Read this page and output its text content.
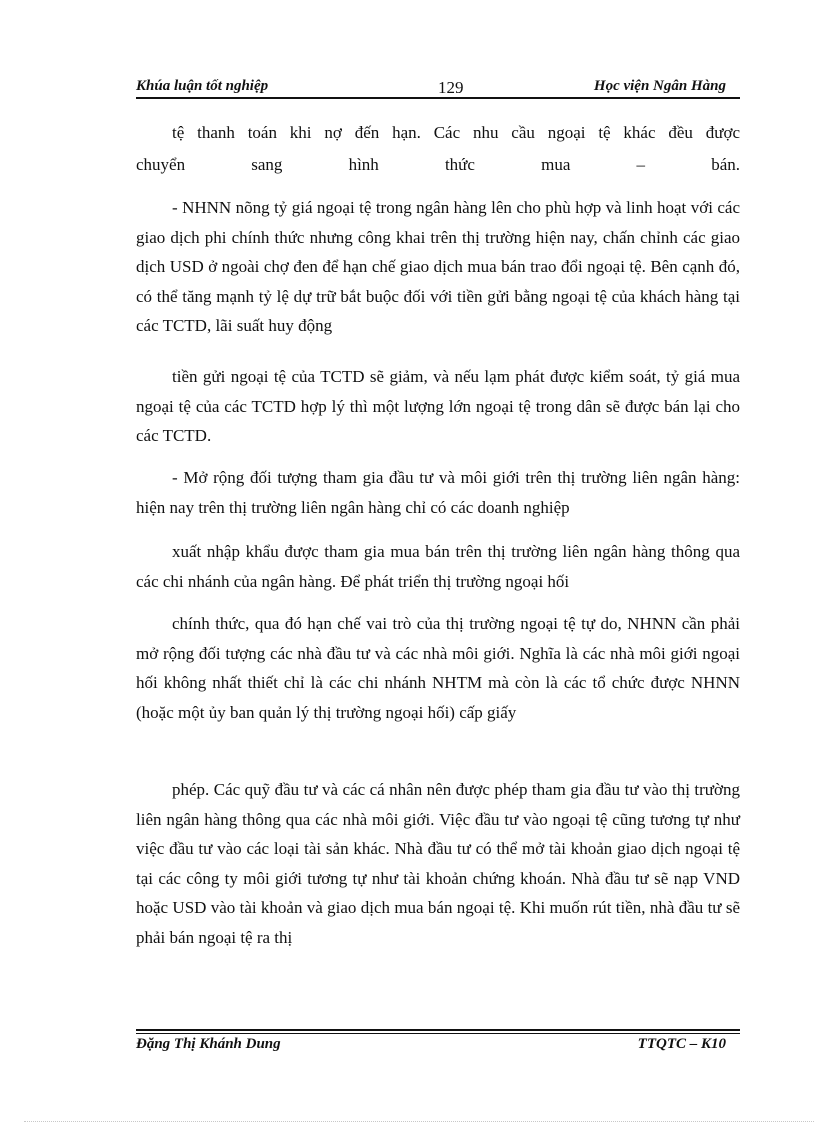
Khúa luận tốt nghiệp	129	Học viện Ngân Hàng
tệ thanh toán khi nợ đến hạn. Các nhu cầu ngoại tệ khác đều được
chuyển sang hình thức mua – bán.
- NHNN nõng tỷ giá ngoại tệ trong ngân hàng lên cho phù hợp và linh hoạt với các giao dịch phi chính thức nhưng công khai trên thị trường hiện nay, chấn chỉnh các giao dịch USD ở ngoài chợ đen để hạn chế giao dịch mua bán trao đổi ngoại tệ. Bên cạnh đó, có thể tăng mạnh tỷ lệ dự trữ bắt buộc đối với tiền gửi bằng ngoại tệ của khách hàng tại các TCTD, lãi suất huy động
tiền gửi ngoại tệ của TCTD sẽ giảm, và nếu lạm phát được kiểm soát, tỷ giá mua ngoại tệ của các TCTD hợp lý thì một lượng lớn ngoại tệ trong dân sẽ được bán lại cho các TCTD.
- Mở rộng đối tượng tham gia đầu tư và môi giới trên thị trường liên ngân hàng: hiện nay trên thị trường liên ngân hàng chỉ có các doanh nghiệp
xuất nhập khẩu được tham gia mua bán trên thị trường liên ngân hàng thông qua các chi nhánh của ngân hàng. Để phát triển thị trường ngoại hối
chính thức, qua đó hạn chế vai trò của thị trường ngoại tệ tự do, NHNN cần phải mở rộng đối tượng các nhà đầu tư và các nhà môi giới. Nghĩa là các nhà môi giới ngoại hối không nhất thiết chỉ là các chi nhánh NHTM mà còn là các tổ chức được NHNN (hoặc một ủy ban quản lý thị trường ngoại hối) cấp giấy
phép. Các quỹ đầu tư và các cá nhân nên được phép tham gia đầu tư vào thị trường liên ngân hàng thông qua các nhà môi giới. Việc đầu tư vào ngoại tệ cũng tương tự như việc đầu tư vào các loại tài sản khác. Nhà đầu tư có thể mở tài khoản giao dịch ngoại tệ tại các công ty môi giới tương tự như tài khoản chứng khoán. Nhà đầu tư sẽ nạp VND hoặc USD vào tài khoản và giao dịch mua bán ngoại tệ. Khi muốn rút tiền, nhà đầu tư sẽ phải bán ngoại tệ ra thị
Đặng Thị Khánh Dung	TTQTC – K10
